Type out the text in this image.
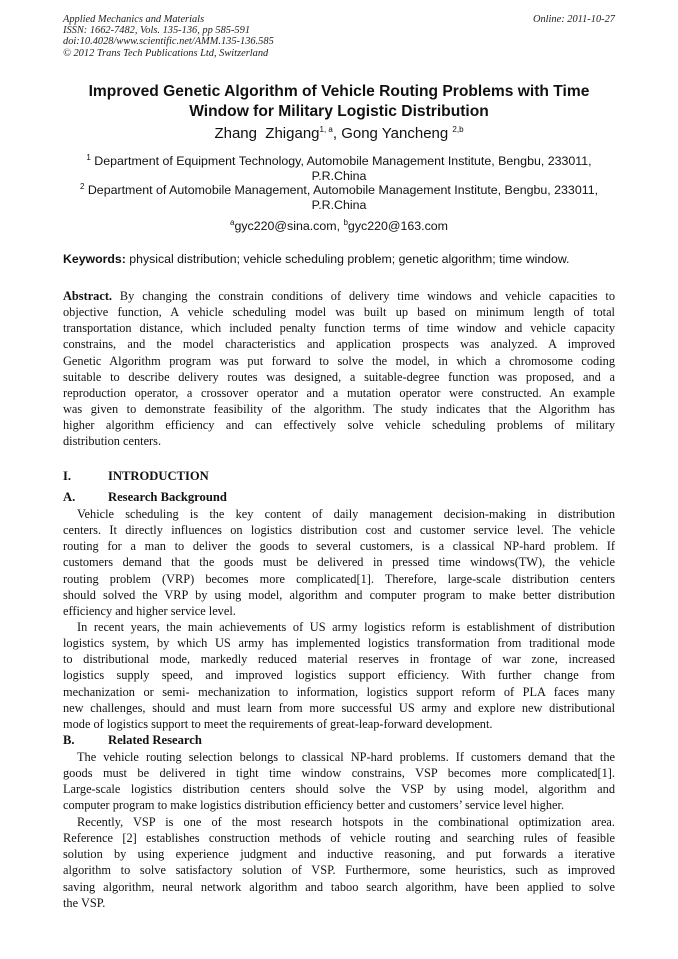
Applied Mechanics and Materials
ISSN: 1662-7482, Vols. 135-136, pp 585-591
doi:10.4028/www.scientific.net/AMM.135-136.585
© 2012 Trans Tech Publications Ltd, Switzerland
Online: 2011-10-27
Improved Genetic Algorithm of Vehicle Routing Problems with Time
Window for Military Logistic Distribution
Zhang  Zhigang$^{1, a}$, Gong Yancheng $^{2,b}$
$^1$ Department of Equipment Technology, Automobile Management Institute, Bengbu, 233011,
P.R.China
$^2$ Department of Automobile Management, Automobile Management Institute, Bengbu, 233011,
P.R.China
$^a$gyc220@sina.com, $^b$gyc220@163.com
Keywords: physical distribution; vehicle scheduling problem; genetic algorithm; time window.
Abstract. By changing the constrain conditions of delivery time windows and vehicle capacities to
objective function, A vehicle scheduling model was built up based on minimum length of total
transportation distance, which included penalty function terms of time window and vehicle capacity
constrains, and the model characteristics and application prospects was analyzed. A improved
Genetic Algorithm program was put forward to solve the model, in which a chromosome coding
suitable to describe delivery routes was designed, a suitable-degree function was proposed, and a
reproduction operator, a crossover operator and a mutation operator were constructed. An example
was given to demonstrate feasibility of the algorithm. The study indicates that the Algorithm has
higher algorithm efficiency and can effectively solve vehicle scheduling problems of military
distribution centers.
I.	INTRODUCTION
A.	Research Background
Vehicle scheduling is the key content of daily management decision-making in distribution
centers. It directly influences on logistics distribution cost and customer service level. The vehicle
routing for a man to deliver the goods to several customers, is a classical NP-hard problem. If
customers demand that the goods must be delivered in pressed time windows(TW), the vehicle
routing problem (VRP) becomes more complicated[1]. Therefore, large-scale distribution centers
should solved the VRP by using model, algorithm and computer program to make better distribution
efficiency and higher service level.
In recent years, the main achievements of US army logistics reform is establishment of distribution
logistics system, by which US army has implemented logistics transformation from traditional mode
to distributional mode, markedly reduced material reserves in frontage of war zone, increased
logistics supply speed, and improved logistics support efficiency. With further change from
mechanization or semi- mechanization to information, logistics support reform of PLA faces many
new challenges, should and must learn from more successful US army and explore new distributional
mode of logistics support to meet the requirements of great-leap-forward development.
B.	Related Research
The vehicle routing selection belongs to classical NP-hard problems. If customers demand that the
goods must be delivered in tight time window constrains, VSP becomes more complicated[1].
Large-scale logistics distribution centers should solve the VSP by using model, algorithm and
computer program to make logistics distribution efficiency better and customers’ service level higher.
Recently, VSP is one of the most research hotspots in the combinational optimization area.
Reference [2] establishes construction methods of vehicle routing and searching rules of feasible
solution by using experience judgment and inductive reasoning, and put forwards a iterative
algorithm to solve satisfactory solution of VSP. Furthermore, some heuristics, such as improved
saving algorithm, neural network algorithm and taboo search algorithm, have been applied to solve
the VSP.
